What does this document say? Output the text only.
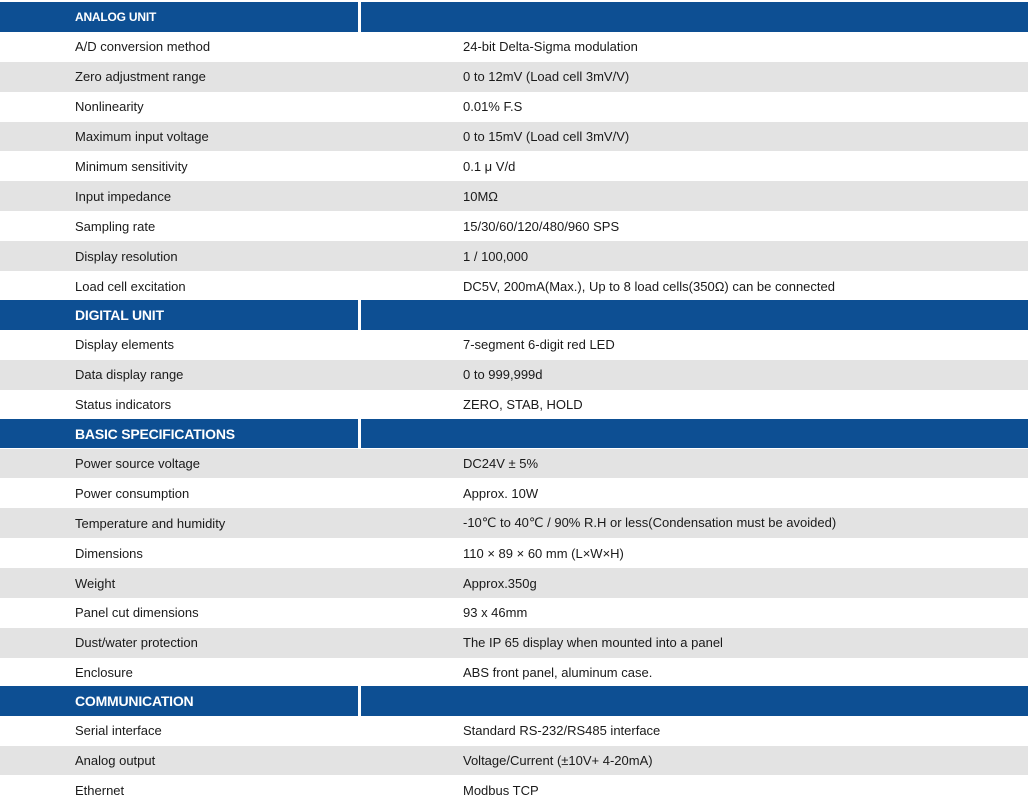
ANALOG UNIT
A/D conversion method	24-bit Delta-Sigma modulation
Zero adjustment range	0 to 12mV (Load cell 3mV/V)
Nonlinearity	0.01% F.S
Maximum input voltage	0 to 15mV (Load cell 3mV/V)
Minimum sensitivity	0.1 μ V/d
Input impedance	10MΩ
Sampling rate	15/30/60/120/480/960 SPS
Display resolution	1 / 100,000
Load cell excitation	DC5V, 200mA(Max.), Up to 8 load cells(350Ω) can be connected
DIGITAL UNIT
Display elements	7-segment 6-digit red LED
Data display range	0 to 999,999d
Status indicators	ZERO, STAB, HOLD
BASIC SPECIFICATIONS
Power source voltage	DC24V ± 5%
Power consumption	Approx. 10W
Temperature and humidity	-10℃ to 40℃ / 90% R.H or less(Condensation must be avoided)
Dimensions	110 × 89 × 60 mm (L×W×H)
Weight	Approx.350g
Panel cut dimensions	93 x 46mm
Dust/water protection	The IP 65 display when mounted into a panel
Enclosure	ABS front panel, aluminum case.
COMMUNICATION
Serial interface	Standard RS-232/RS485 interface
Analog output	Voltage/Current (±10V+ 4-20mA)
Ethernet	Modbus TCP
